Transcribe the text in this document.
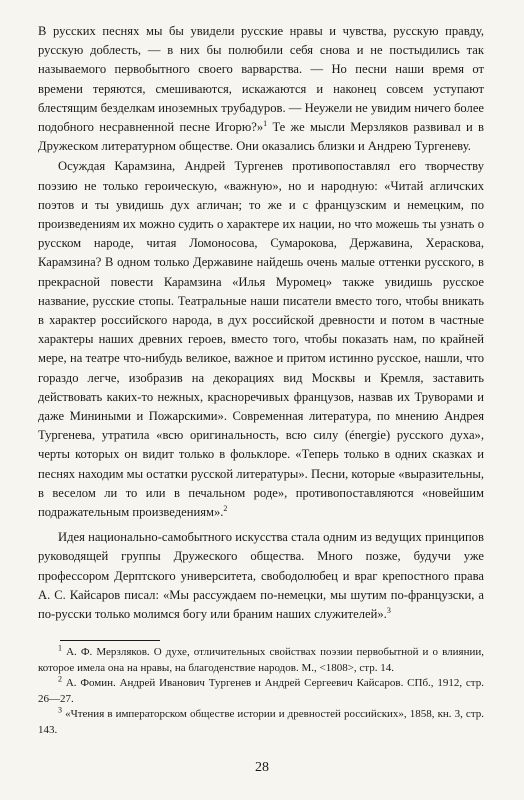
В русских песнях мы бы увидели русские нравы и чувства, русскую правду, русскую доблесть, — в них бы полюбили себя снова и не постыдились так называемого первобытного своего варварства. — Но песни наши время от времени теряются, смешиваются, искажаются и наконец совсем уступают блестящим безделкам иноземных трубадуров. — Неужели не увидим ничего более подобного несравненной песне Игорю?»$^1$ Те же мысли Мерзляков развивал и в Дружеском литературном обществе. Они оказались близки и Андрею Тургеневу.

Осуждая Карамзина, Андрей Тургенев противопоставлял его творчеству поэзию не только героическую, «важную», но и народную: «Читай агличских поэтов и ты увидишь дух агличан; то же и с французским и немецким, по произведениям их можно судить о характере их нации, но что можешь ты узнать о русском народе, читая Ломоносова, Сумарокова, Державина, Хераскова, Карамзина? В одном только Державине найдешь очень малые оттенки русского, в прекрасной повести Карамзина «Илья Муромец» также увидишь русское название, русские стопы. Театральные наши писатели вместо того, чтобы вникать в характер российского народа, в дух российской древности и потом в частные характеры наших древних героев, вместо того, чтобы показать нам, по крайней мере, на театре что-нибудь великое, важное и притом истинно русское, нашли, что гораздо легче, изобразив на декорациях вид Москвы и Кремля, заставить действовать каких-то нежных, красноречивых французов, назвав их Труворами и даже Миниными и Пожарскими». Современная литература, по мнению Андрея Тургенева, утратила «всю оригинальность, всю силу (énergie) русского духа», черты которых он видит только в фольклоре. «Теперь только в одних сказках и песнях находим мы остатки русской литературы». Песни, которые «выразительны, в веселом ли то или в печальном роде», противопоставляются «новейшим подражательным произведениям».$^2$

Идея национально-самобытного искусства стала одним из ведущих принципов руководящей группы Дружеского общества. Много позже, будучи уже профессором Дерптского университета, свободолюбец и враг крепостного права А. С. Кайсаров писал: «Мы рассуждаем по-немецки, мы шутим по-французски, а по-русски только молимся богу или браним наших служителей».$^3$

$^1$ А. Ф. Мерзляков. О духе, отличительных свойствах поэзии первобытной и о влиянии, которое имела она на нравы, на благоденствие народов. М., <1808>, стр. 14.

$^2$ А. Фомин. Андрей Иванович Тургенев и Андрей Сергеевич Кайсаров. СПб., 1912, стр. 26—27.

$^3$ «Чтения в императорском обществе истории и древностей российских», 1858, кн. 3, стр. 143.

28
